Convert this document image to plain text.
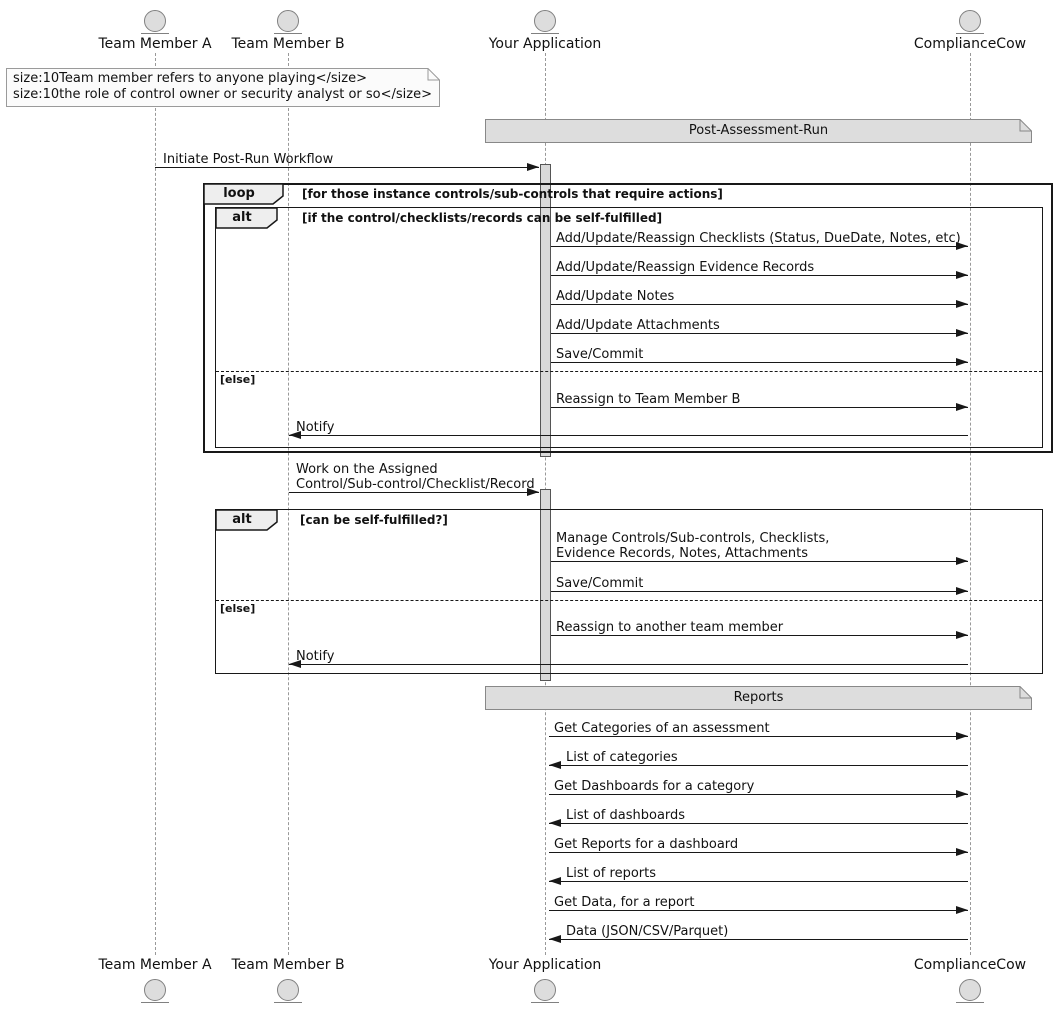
Team Member A
Team Member A
Team Member B
Team Member B
Your Application
Your Application
ComplianceCow
ComplianceCow
loop	[for those instance controls/sub-controls that require actions]
alt	[if the control/checklists/records can be self-fulfilled]
[else]
alt	[can be self-fulfilled?]
[else]
Post-Assessment-Run
Reports
size:10Team member refers to anyone playing</size>
size:10the role of control owner or security analyst or so</size>
Initiate Post-Run Workflow
Add/Update/Reassign Checklists (Status, DueDate, Notes, etc)
Add/Update/Reassign Evidence Records
Add/Update Notes
Add/Update Attachments
Save/Commit
Reassign to Team Member B
Notify
Work on the Assigned
Control/Sub-control/Checklist/Record
Manage Controls/Sub-controls, Checklists,
Evidence Records, Notes, Attachments
Save/Commit
Reassign to another team member
Notify
Get Categories of an assessment
List of categories
Get Dashboards for a category
List of dashboards
Get Reports for a dashboard
List of reports
Get Data, for a report
Data (JSON/CSV/Parquet)
